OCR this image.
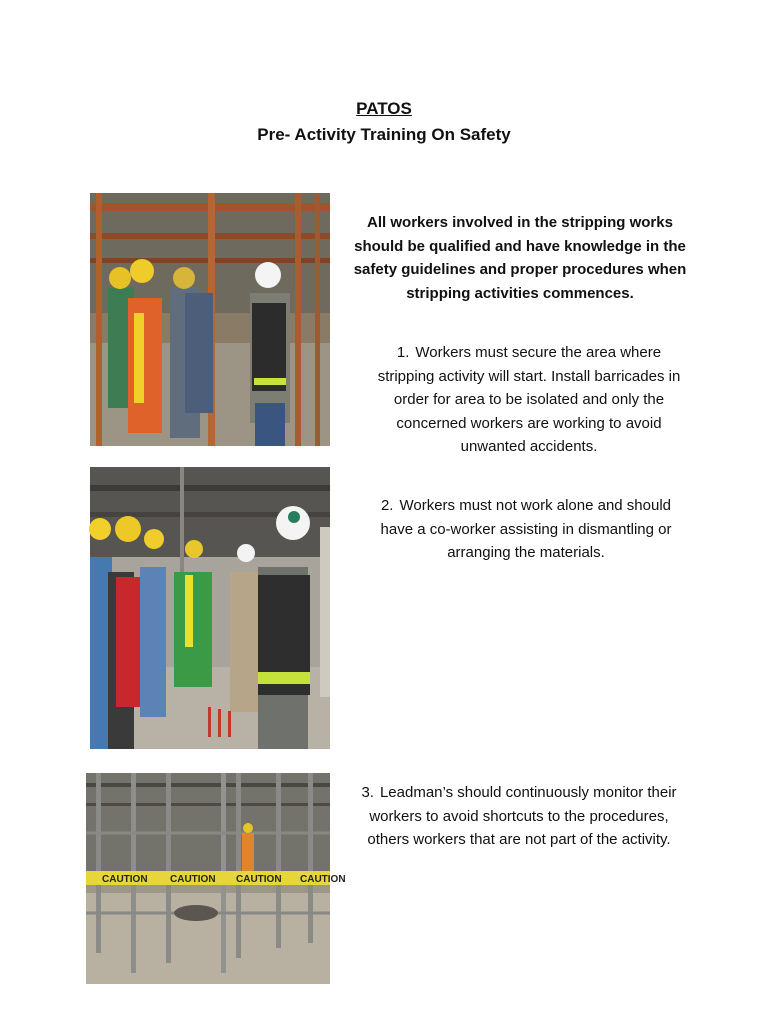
PATOS
Pre- Activity Training On Safety
CAUTION CAUTION CAUTION CAUTION
All workers involved in the stripping works should be qualified and have knowledge in the safety guidelines and proper procedures when stripping activities commences.
1. Workers must secure the area where stripping activity will start. Install barricades in order for area to be isolated and only the concerned workers are working to avoid unwanted accidents.
2. Workers must not work alone and should have a co-worker assisting in dismantling or arranging the materials.
3. Leadman’s should continuously monitor their workers to avoid shortcuts to the procedures, others workers that are not part of the activity.
